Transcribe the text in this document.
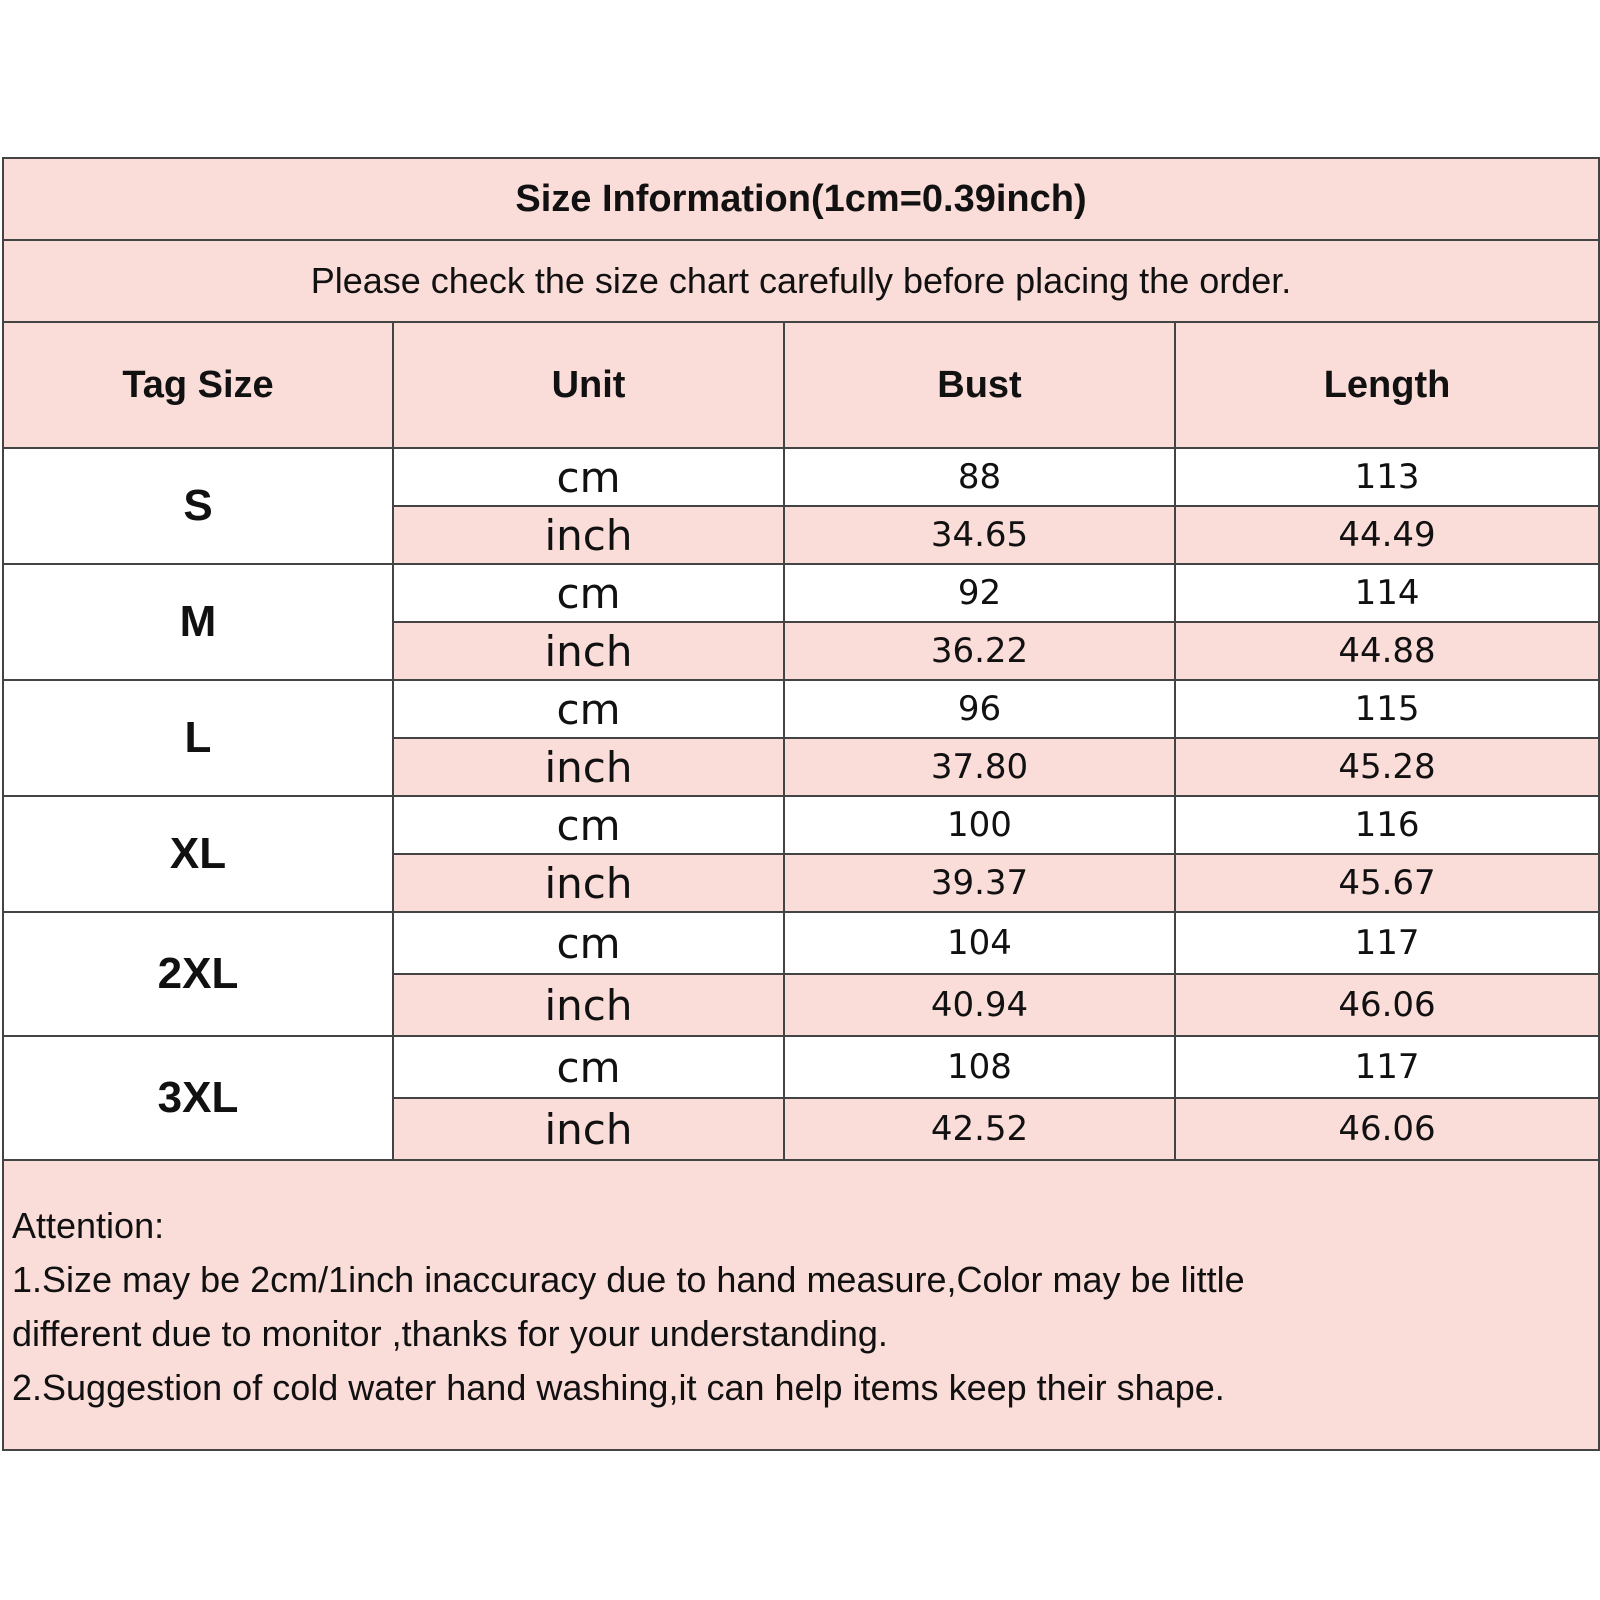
Size Information(1cm=0.39inch)			
Please check the size chart carefully before placing the order.			
Tag Size	Unit	Bust	Length
S	cm	88	113
	inch	34.65	44.49
M	cm	92	114
	inch	36.22	44.88
L	cm	96	115
	inch	37.80	45.28
XL	cm	100	116
	inch	39.37	45.67
2XL	cm	104	117
	inch	40.94	46.06
3XL	cm	108	117
	inch	42.52	46.06

Attention:
1.Size may be 2cm/1inch inaccuracy due to hand measure,Color may be little
different due to monitor ,thanks for your understanding.
2.Suggestion of cold water hand washing,it can help items keep their shape.			
